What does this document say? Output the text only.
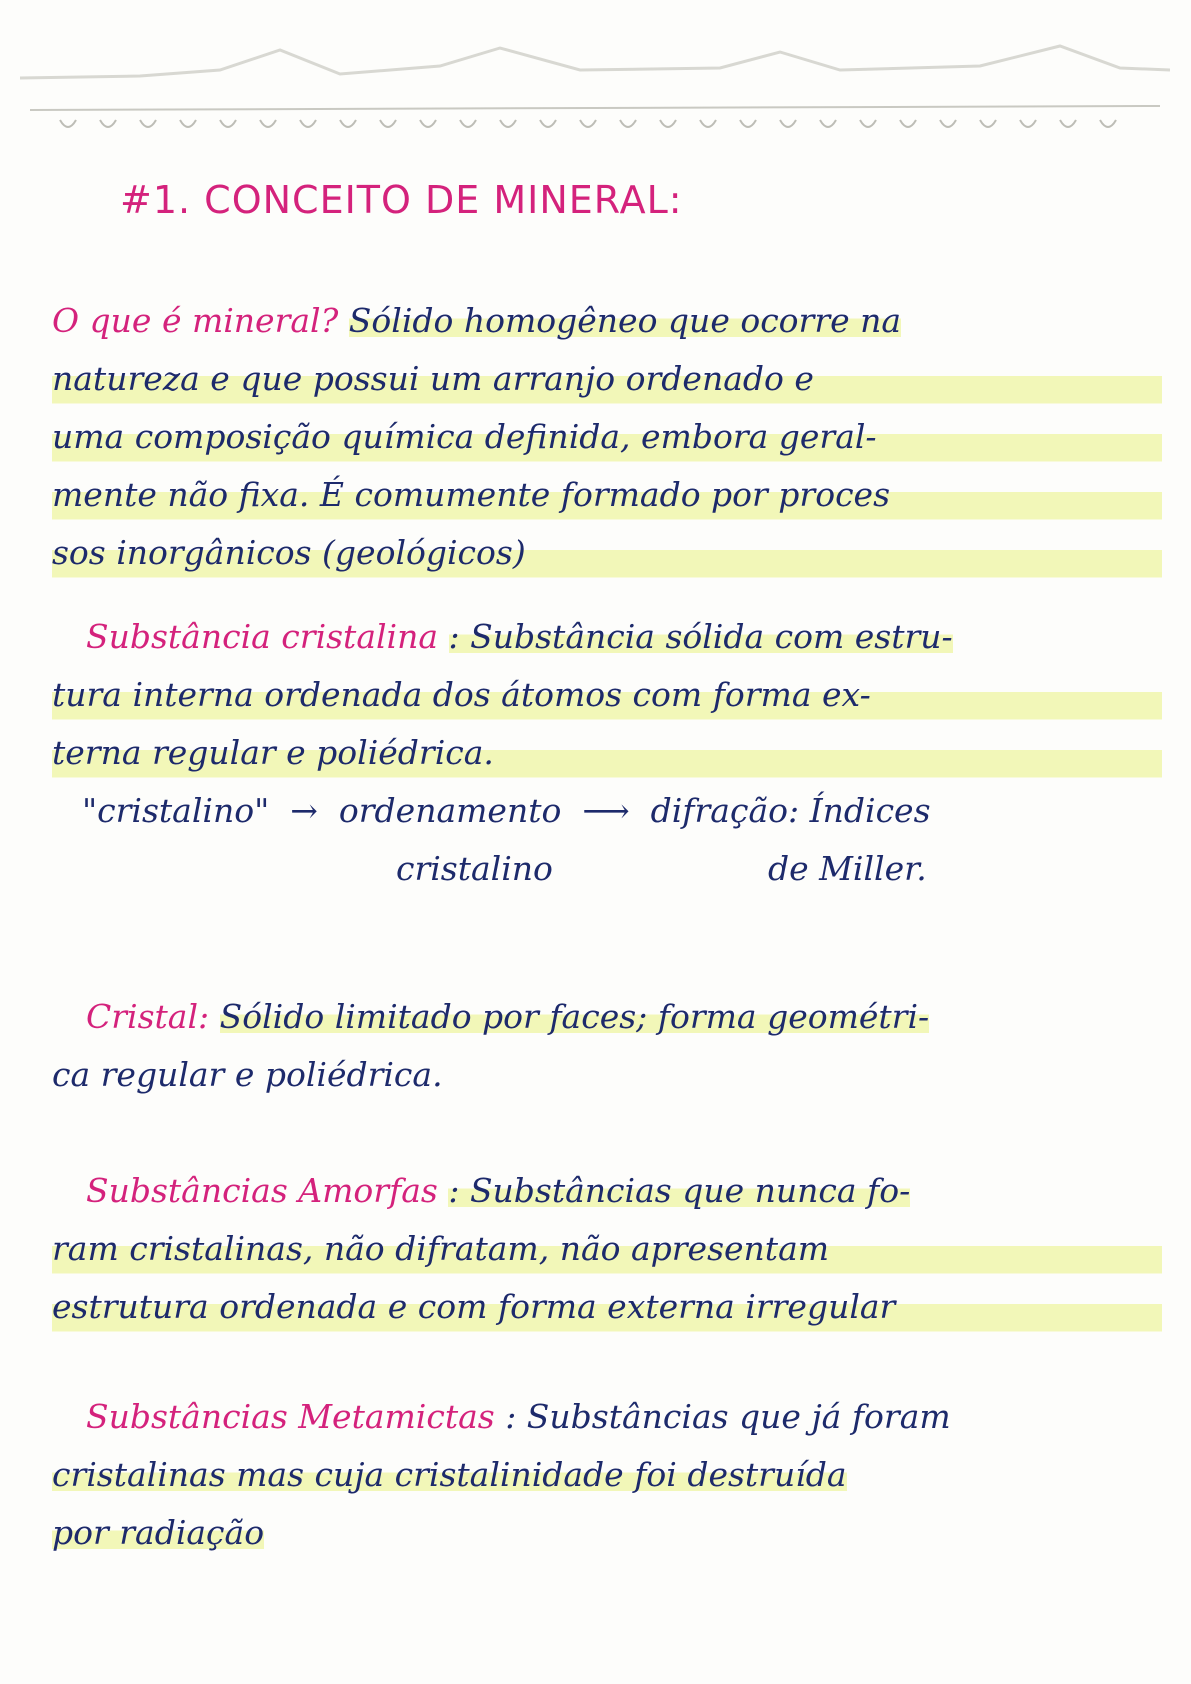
#1. CONCEITO DE MINERAL:
O que é mineral? Sólido homogêneo que ocorre na
natureza e que possui um arranjo ordenado e
uma composição química definida, embora geral-
mente não fixa. É comumente formado por proces
sos inorgânicos (geológicos)
Substância cristalina : Substância sólida com estru-
tura interna ordenada dos átomos com forma ex-
terna regular e poliédrica.
"cristalino" → ordenamento ⟶ difração: Índices
cristalino	de Miller.
Cristal: Sólido limitado por faces; forma geométri-
ca regular e poliédrica.
Substâncias Amorfas : Substâncias que nunca fo-
ram cristalinas, não difratam, não apresentam
estrutura ordenada e com forma externa irregular
Substâncias Metamictas : Substâncias que já foram
cristalinas mas cuja cristalinidade foi destruída
por radiação
